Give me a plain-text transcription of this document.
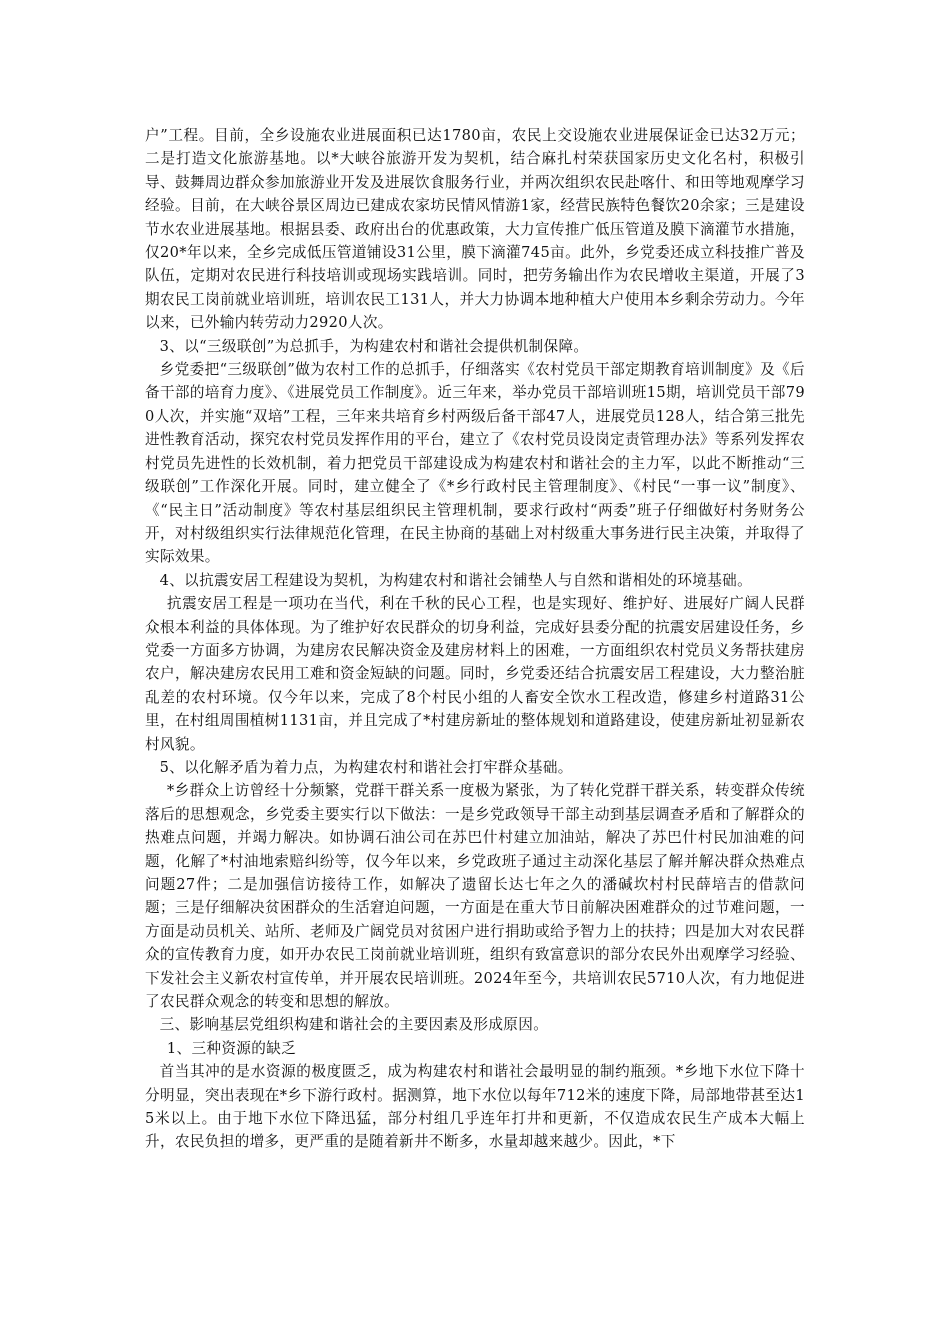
户”工程。目前，全乡设施农业进展面积已达1780亩，农民上交设施农业进展保证金已达32万元；二是打造文化旅游基地。以*大峡谷旅游开发为契机，结合麻扎村荣获国家历史文化名村，积极引导、鼓舞周边群众参加旅游业开发及进展饮食服务行业，并两次组织农民赴喀什、和田等地观摩学习经验。目前，在大峡谷景区周边已建成农家坊民情风情游1家，经营民族特色餐饮20余家；三是建设节水农业进展基地。根据县委、政府出台的优惠政策，大力宣传推广低压管道及膜下滴灌节水措施，仅20*年以来，全乡完成低压管道铺设31公里，膜下滴灌745亩。此外，乡党委还成立科技推广普及队伍，定期对农民进行科技培训或现场实践培训。同时，把劳务输出作为农民增收主渠道，开展了3期农民工岗前就业培训班，培训农民工131人，并大力协调本地种植大户使用本乡剩余劳动力。今年以来，已外输内转劳动力2920人次。

3、以“三级联创”为总抓手，为构建农村和谐社会提供机制保障。

乡党委把“三级联创”做为农村工作的总抓手，仔细落实《农村党员干部定期教育培训制度》及《后备干部的培育力度》、《进展党员工作制度》。近三年来，举办党员干部培训班15期，培训党员干部790人次，并实施“双培”工程，三年来共培育乡村两级后备干部47人，进展党员128人，结合第三批先进性教育活动，探究农村党员发挥作用的平台，建立了《农村党员设岗定责管理办法》等系列发挥农村党员先进性的长效机制，着力把党员干部建设成为构建农村和谐社会的主力军，以此不断推动“三级联创”工作深化开展。同时，建立健全了《*乡行政村民主管理制度》、《村民“一事一议”制度》、《“民主日”活动制度》等农村基层组织民主管理机制，要求行政村“两委”班子仔细做好村务财务公开，对村级组织实行法律规范化管理，在民主协商的基础上对村级重大事务进行民主决策，并取得了实际效果。

4、以抗震安居工程建设为契机，为构建农村和谐社会铺垫人与自然和谐相处的环境基础。

抗震安居工程是一项功在当代，利在千秋的民心工程，也是实现好、维护好、进展好广阔人民群众根本利益的具体体现。为了维护好农民群众的切身利益，完成好县委分配的抗震安居建设任务，乡党委一方面多方协调，为建房农民解决资金及建房材料上的困难，一方面组织农村党员义务帮扶建房农户，解决建房农民用工难和资金短缺的问题。同时，乡党委还结合抗震安居工程建设，大力整治脏乱差的农村环境。仅今年以来，完成了8个村民小组的人畜安全饮水工程改造，修建乡村道路31公里，在村组周围植树1131亩，并且完成了*村建房新址的整体规划和道路建设，使建房新址初显新农村风貌。

5、以化解矛盾为着力点，为构建农村和谐社会打牢群众基础。

*乡群众上访曾经十分频繁，党群干群关系一度极为紧张，为了转化党群干群关系，转变群众传统落后的思想观念，乡党委主要实行以下做法：一是乡党政领导干部主动到基层调查矛盾和了解群众的热难点问题，并竭力解决。如协调石油公司在苏巴什村建立加油站，解决了苏巴什村民加油难的问题，化解了*村油地索赔纠纷等，仅今年以来，乡党政班子通过主动深化基层了解并解决群众热难点问题27件；二是加强信访接待工作，如解决了遗留长达七年之久的潘碱坎村村民薛培吉的借款问题；三是仔细解决贫困群众的生活窘迫问题，一方面是在重大节日前解决困难群众的过节难问题，一方面是动员机关、站所、老师及广阔党员对贫困户进行捐助或给予智力上的扶持；四是加大对农民群众的宣传教育力度，如开办农民工岗前就业培训班，组织有致富意识的部分农民外出观摩学习经验、下发社会主义新农村宣传单，并开展农民培训班。2024年至今，共培训农民5710人次，有力地促进了农民群众观念的转变和思想的解放。

三、影响基层党组织构建和谐社会的主要因素及形成原因。

1、三种资源的缺乏

首当其冲的是水资源的极度匮乏，成为构建农村和谐社会最明显的制约瓶颈。*乡地下水位下降十分明显，突出表现在*乡下游行政村。据测算，地下水位以每年712米的速度下降，局部地带甚至达15米以上。由于地下水位下降迅猛，部分村组几乎连年打井和更新，不仅造成农民生产成本大幅上升，农民负担的增多，更严重的是随着新井不断多，水量却越来越少。因此，*下
